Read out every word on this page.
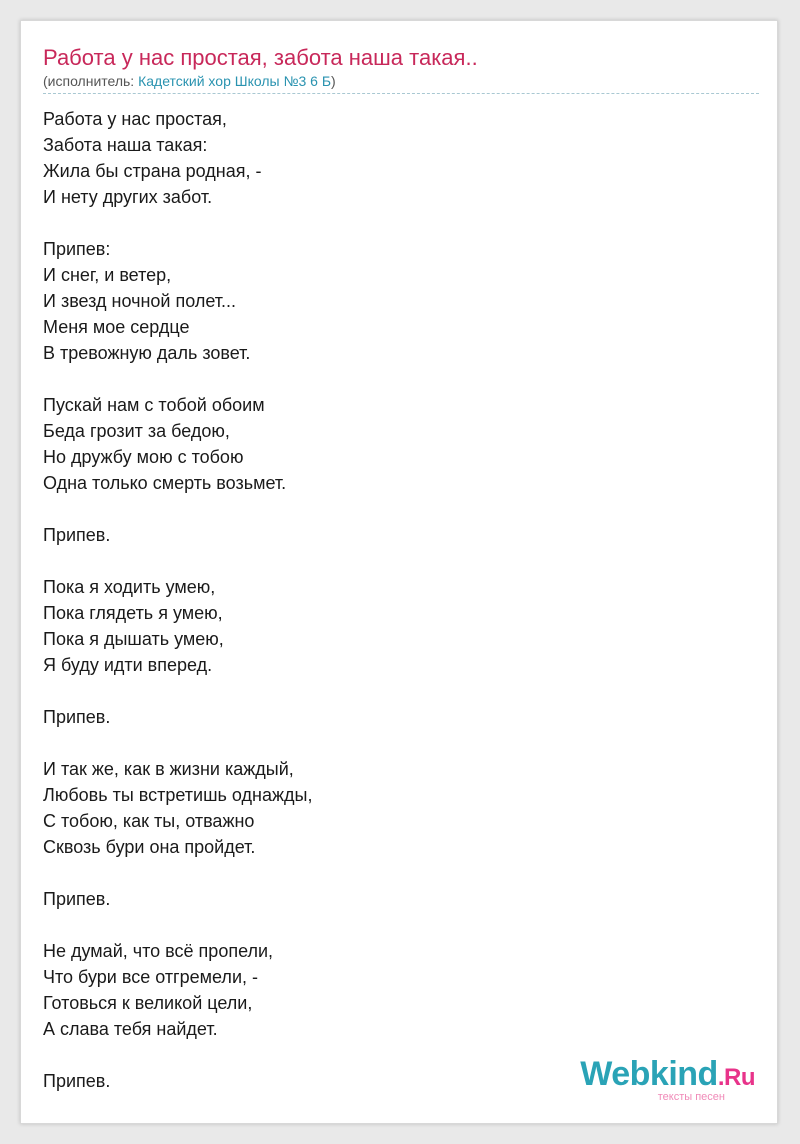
Работа у нас простая, забота наша такая..
(исполнитель: Кадетский хор Школы №3 6 Б)
Работа у нас простая,
Забота наша такая:
Жила бы страна родная, -
И нету других забот.
Припев:
И снег, и ветер,
И звезд ночной полет...
Меня мое сердце
В тревожную даль зовет.
Пускай нам с тобой обоим
Беда грозит за бедою,
Но дружбу мою с тобою
Одна только смерть возьмет.
Припев.
Пока я ходить умею,
Пока глядеть я умею,
Пока я дышать умею,
Я буду идти вперед.
Припев.
И так же, как в жизни каждый,
Любовь ты встретишь однажды,
С тобою, как ты, отважно
Сквозь бури она пройдет.
Припев.
Не думай, что всё пропели,
Что бури все отгремели, -
Готовься к великой цели,
А слава тебя найдет.
Припев.	Webkind.Ru
тексты песен
